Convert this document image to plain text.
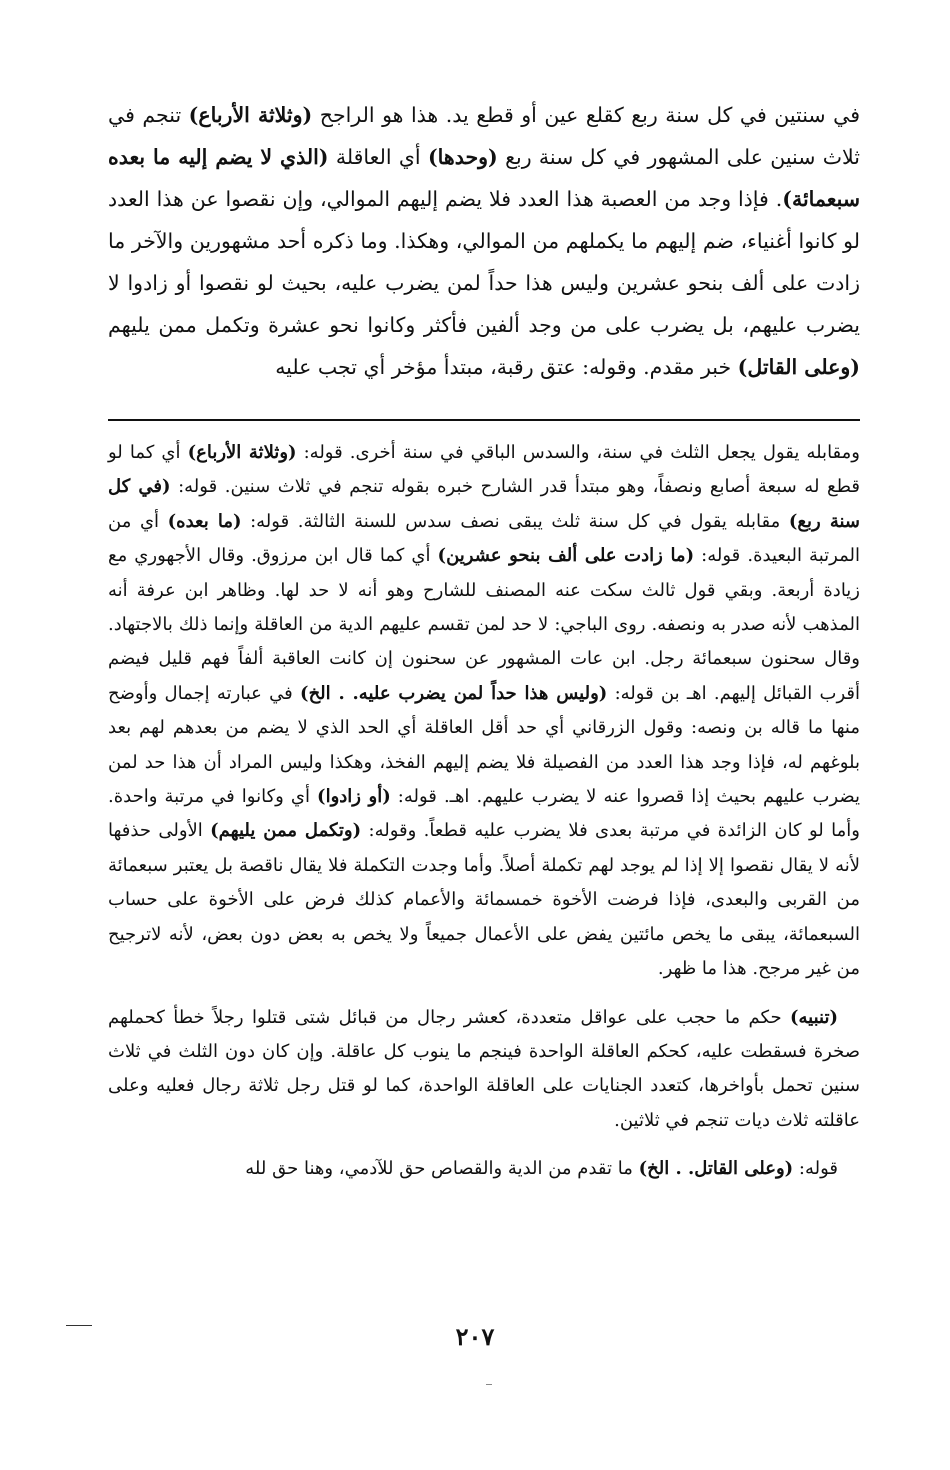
في سنتين في كل سنة ربع كقلع عين أو قطع يد. هذا هو الراجح (وثلاثة الأرباع) تنجم في ثلاث سنين على المشهور في كل سنة ربع (وحدها) أي العاقلة (الذي لا يضم إليه ما بعده سبعمائة). فإذا وجد من العصبة هذا العدد فلا يضم إليهم الموالي، وإن نقصوا عن هذا العدد لو كانوا أغنياء، ضم إليهم ما يكملهم من الموالي، وهكذا. وما ذكره أحد مشهورين والآخر ما زادت على ألف بنحو عشرين وليس هذا حداً لمن يضرب عليه، بحيث لو نقصوا أو زادوا لا يضرب عليهم، بل يضرب على من وجد ألفين فأكثر وكانوا نحو عشرة وتكمل ممن يليهم (وعلى القاتل) خبر مقدم. وقوله: عتق رقبة، مبتدأ مؤخر أي تجب عليه

ومقابله يقول يجعل الثلث في سنة، والسدس الباقي في سنة أخرى. قوله: (وثلاثة الأرباع) أي كما لو قطع له سبعة أصابع ونصفاً، وهو مبتدأ قدر الشارح خبره بقوله تنجم في ثلاث سنين. قوله: (في كل سنة ربع) مقابله يقول في كل سنة ثلث يبقى نصف سدس للسنة الثالثة. قوله: (ما بعده) أي من المرتبة البعيدة. قوله: (ما زادت على ألف بنحو عشرين) أي كما قال ابن مرزوق. وقال الأجهوري مع زيادة أربعة. وبقي قول ثالث سكت عنه المصنف للشارح وهو أنه لا حد لها. وظاهر ابن عرفة أنه المذهب لأنه صدر به ونصفه. روى الباجي: لا حد لمن تقسم عليهم الدية من العاقلة وإنما ذلك بالاجتهاد. وقال سحنون سبعمائة رجل. ابن عات المشهور عن سحنون إن كانت العاقبة ألفاً فهم قليل فيضم أقرب القبائل إليهم. اهـ بن قوله: (وليس هذا حداً لمن يضرب عليه. . الخ) في عبارته إجمال وأوضح منها ما قاله بن ونصه: وقول الزرقاني أي حد أقل العاقلة أي الحد الذي لا يضم من بعدهم لهم بعد بلوغهم له، فإذا وجد هذا العدد من الفصيلة فلا يضم إليهم الفخذ، وهكذا وليس المراد أن هذا حد لمن يضرب عليهم بحيث إذا قصروا عنه لا يضرب عليهم. اهـ. قوله: (أو زادوا) أي وكانوا في مرتبة واحدة. وأما لو كان الزائدة في مرتبة بعدى فلا يضرب عليه قطعاً. وقوله: (وتكمل ممن يليهم) الأولى حذفها لأنه لا يقال نقصوا إلا إذا لم يوجد لهم تكملة أصلاً. وأما وجدت التكملة فلا يقال ناقصة بل يعتبر سبعمائة من القربى والبعدى، فإذا فرضت الأخوة خمسمائة والأعمام كذلك فرض على الأخوة على حساب السبعمائة، يبقى ما يخص مائتين يفض على الأعمال جميعاً ولا يخص به بعض دون بعض، لأنه لاترجيح من غير مرجح. هذا ما ظهر.

(تنبيه) حكم ما حجب على عواقل متعددة، كعشر رجال من قبائل شتى قتلوا رجلاً خطأ كحملهم صخرة فسقطت عليه، كحكم العاقلة الواحدة فينجم ما ينوب كل عاقلة. وإن كان دون الثلث في ثلاث سنين تحمل بأواخرها، كتعدد الجنايات على العاقلة الواحدة، كما لو قتل رجل ثلاثة رجال فعليه وعلى عاقلته ثلاث ديات تنجم في ثلاثين.

قوله: (وعلى القاتل. . الخ) ما تقدم من الدية والقصاص حق للآدمي، وهنا حق لله

٢٠٧
